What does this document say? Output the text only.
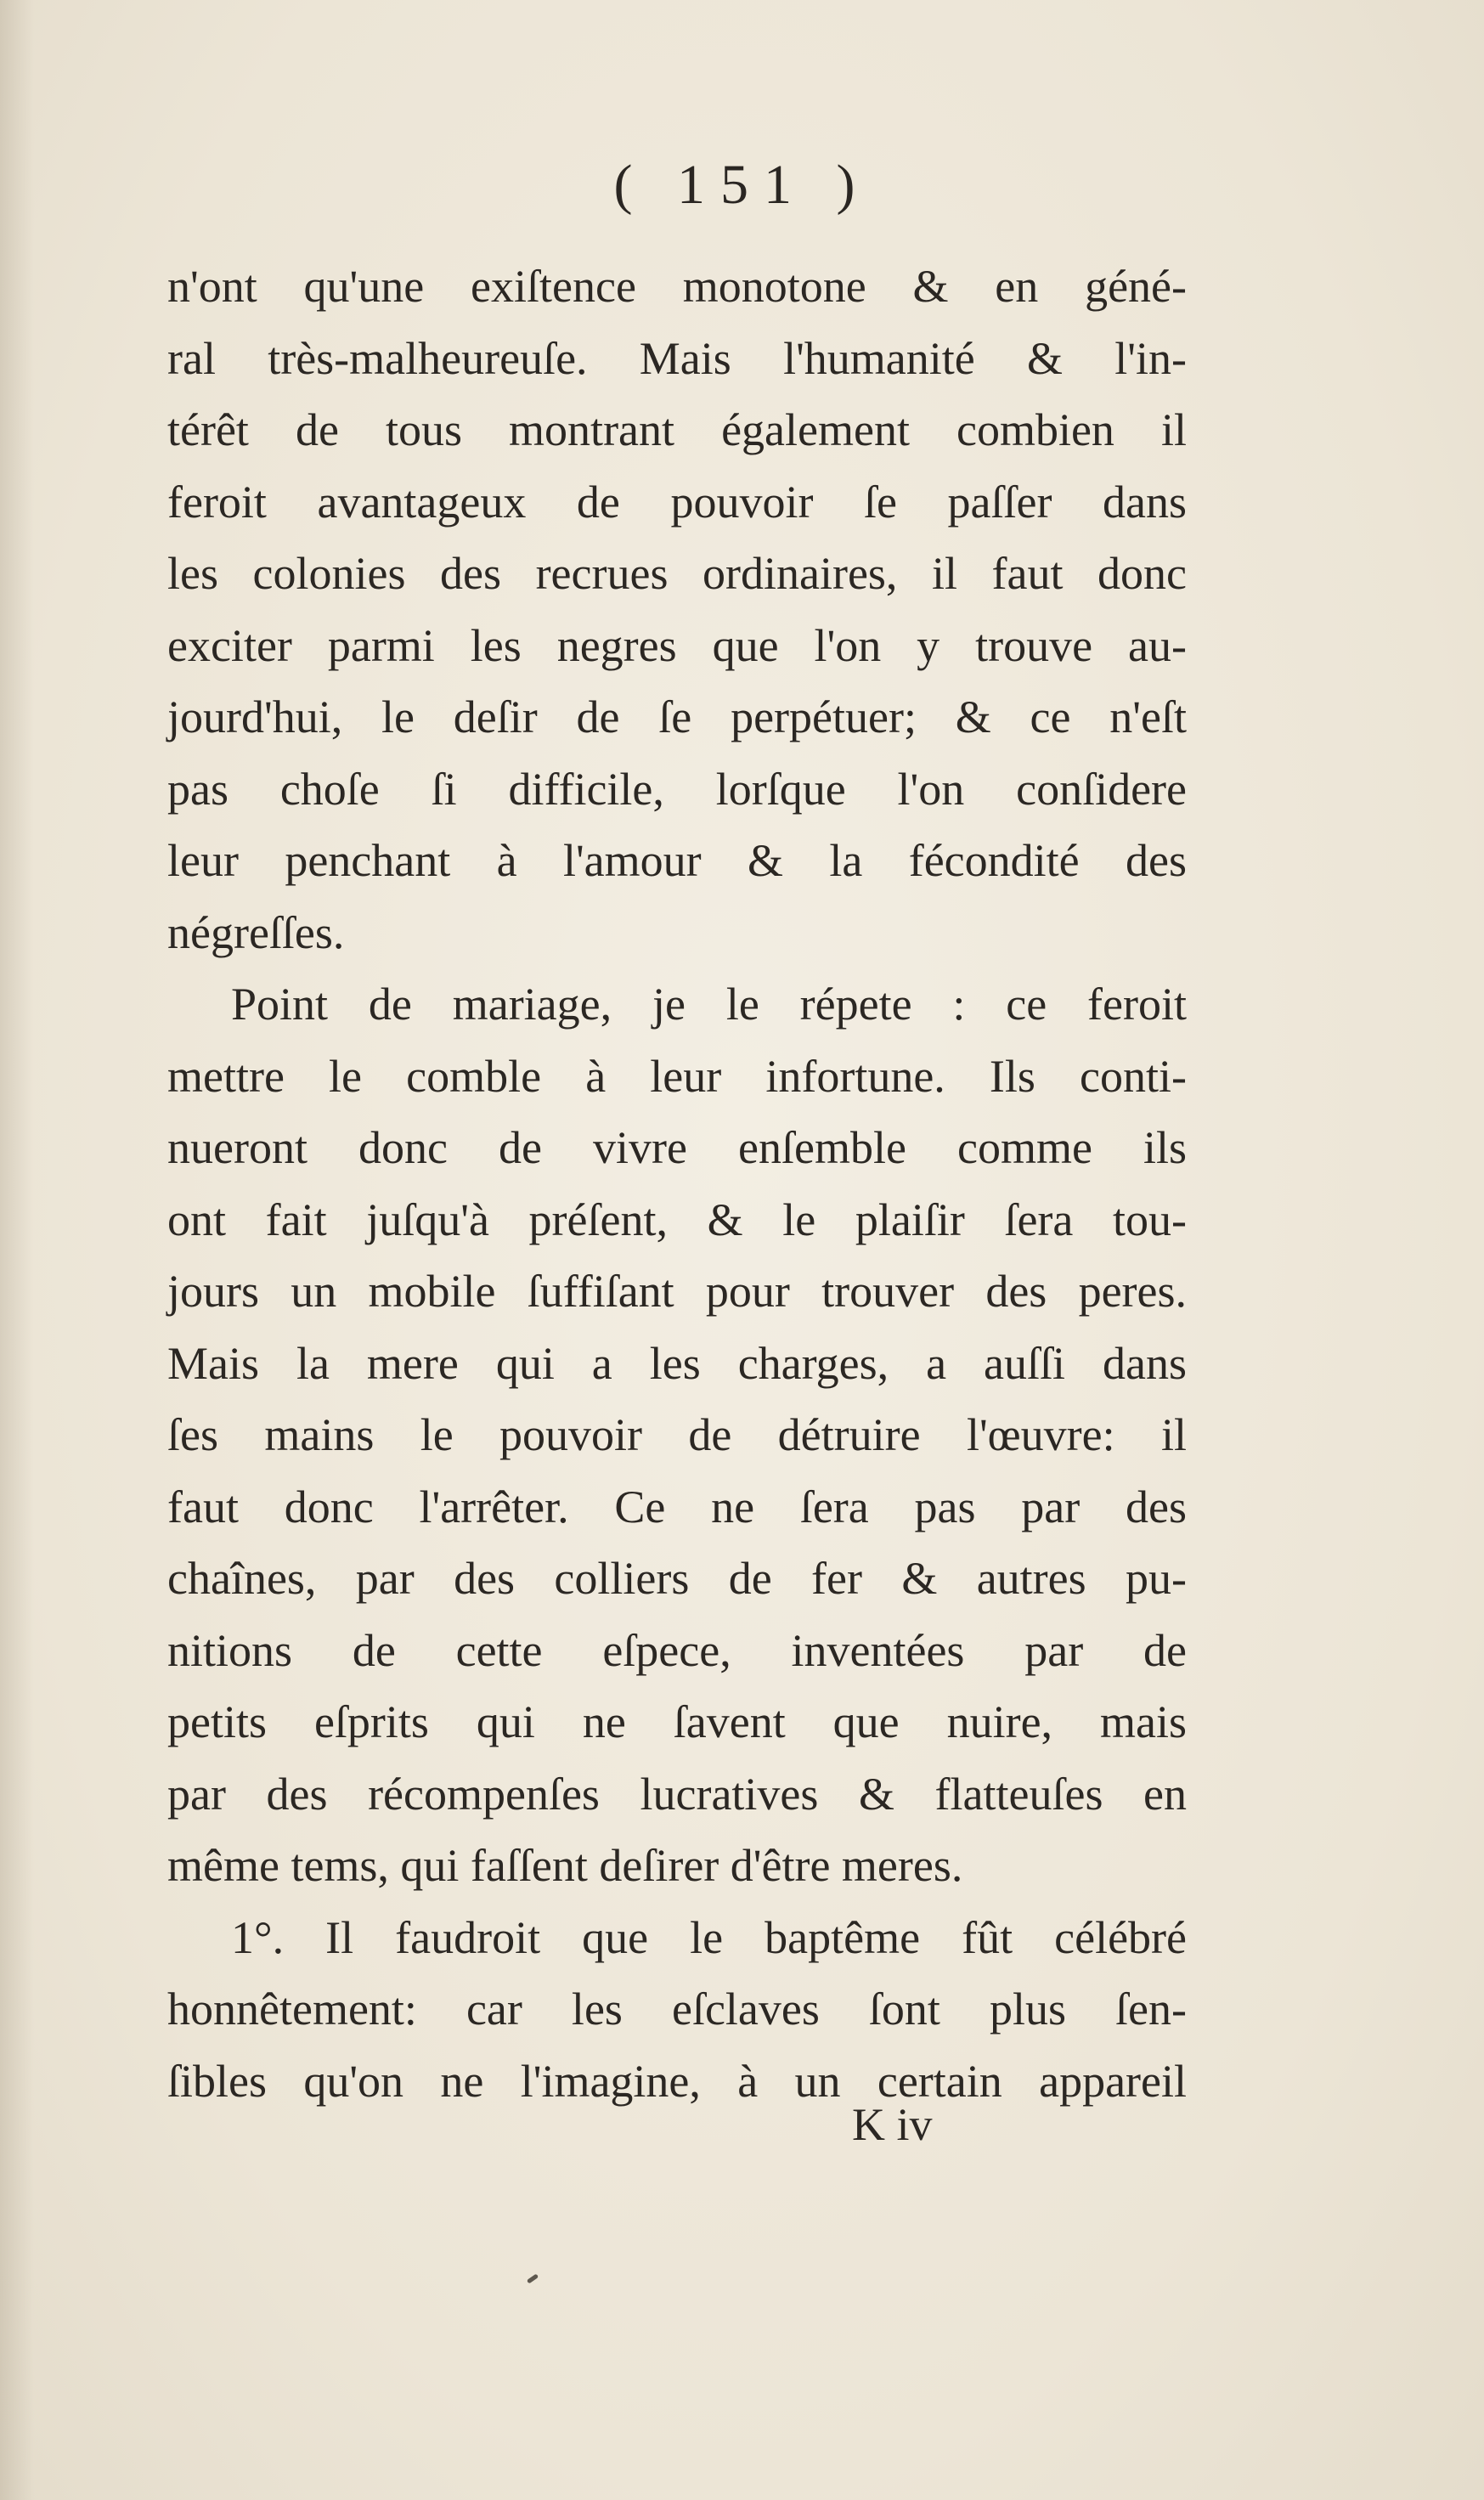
( 151 )
n'ont qu'une exiſtence monotone & en géné-
ral très-malheureuſe. Mais l'humanité & l'in-
térêt de tous montrant également combien il
feroit avantageux de pouvoir ſe paſſer dans
les colonies des recrues ordinaires, il faut donc
exciter parmi les negres que l'on y trouve au-
jourd'hui, le deſir de ſe perpétuer; & ce n'eſt
pas choſe ſi difficile, lorſque l'on conſidere
leur penchant à l'amour & la fécondité des
négreſſes.
Point de mariage, je le répete : ce feroit
mettre le comble à leur infortune. Ils conti-
nueront donc de vivre enſemble comme ils
ont fait juſqu'à préſent, & le plaiſir ſera tou-
jours un mobile ſuffiſant pour trouver des peres.
Mais la mere qui a les charges, a auſſi dans
ſes mains le pouvoir de détruire l'œuvre: il
faut donc l'arrêter. Ce ne ſera pas par des
chaînes, par des colliers de fer & autres pu-
nitions de cette eſpece, inventées par de
petits eſprits qui ne ſavent que nuire, mais
par des récompenſes lucratives & flatteuſes en
même tems, qui faſſent deſirer d'être meres.
1°. Il faudroit que le baptême fût célébré
honnêtement: car les eſclaves ſont plus ſen-
ſibles qu'on ne l'imagine, à un certain appareil
K iv
